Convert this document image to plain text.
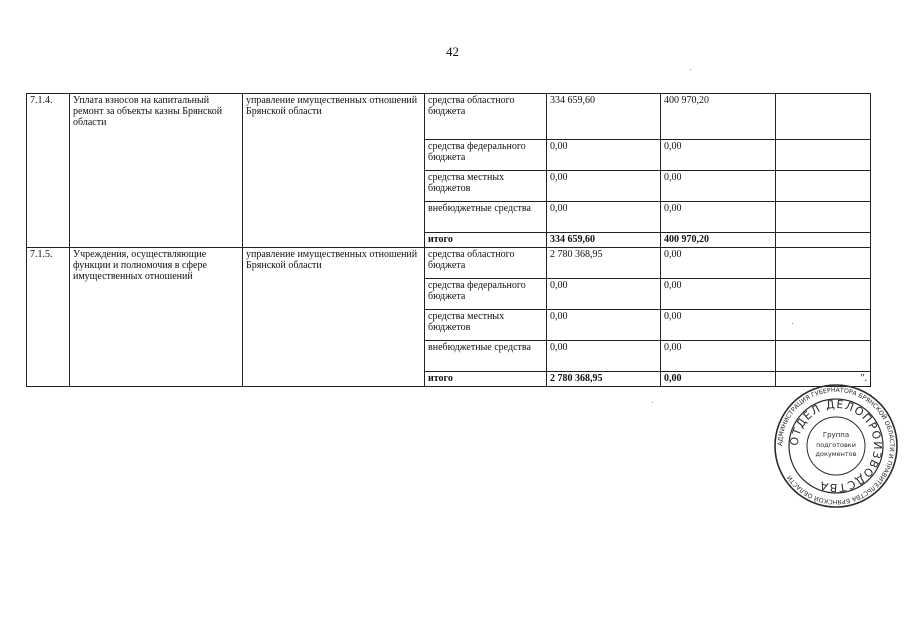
42
7.1.4.	Уплата взносов на капитальный ремонт за объекты казны Брянской области	управление имущественных отношений Брянской области	средства областного бюджета	334 659,60	400 970,20	
			средства федерального бюджета	0,00	0,00	
			средства местных бюджетов	0,00	0,00	
			внебюджетные средства	0,00	0,00	
			итого	334 659,60	400 970,20	
7.1.5.	Учреждения, осуществляющие функции и полномочия в сфере имущественных отношений	управление имущественных отношений Брянской области	средства областного бюджета	2 780 368,95	0,00	
			средства федерального бюджета	0,00	0,00	
			средства местных бюджетов	0,00	0,00	
			внебюджетные средства	0,00	0,00	
			итого	2 780 368,95	0,00	".
АДМИНИСТРАЦИЯ ГУБЕРНАТОРА БРЯНСКОЙ ОБЛАСТИ И ПРАВИТЕЛЬСТВА БРЯНСКОЙ ОБЛАСТИ
ОТДЕЛ ДЕЛОПРОИЗВОДСТВА
Группа
подготовки
документов
